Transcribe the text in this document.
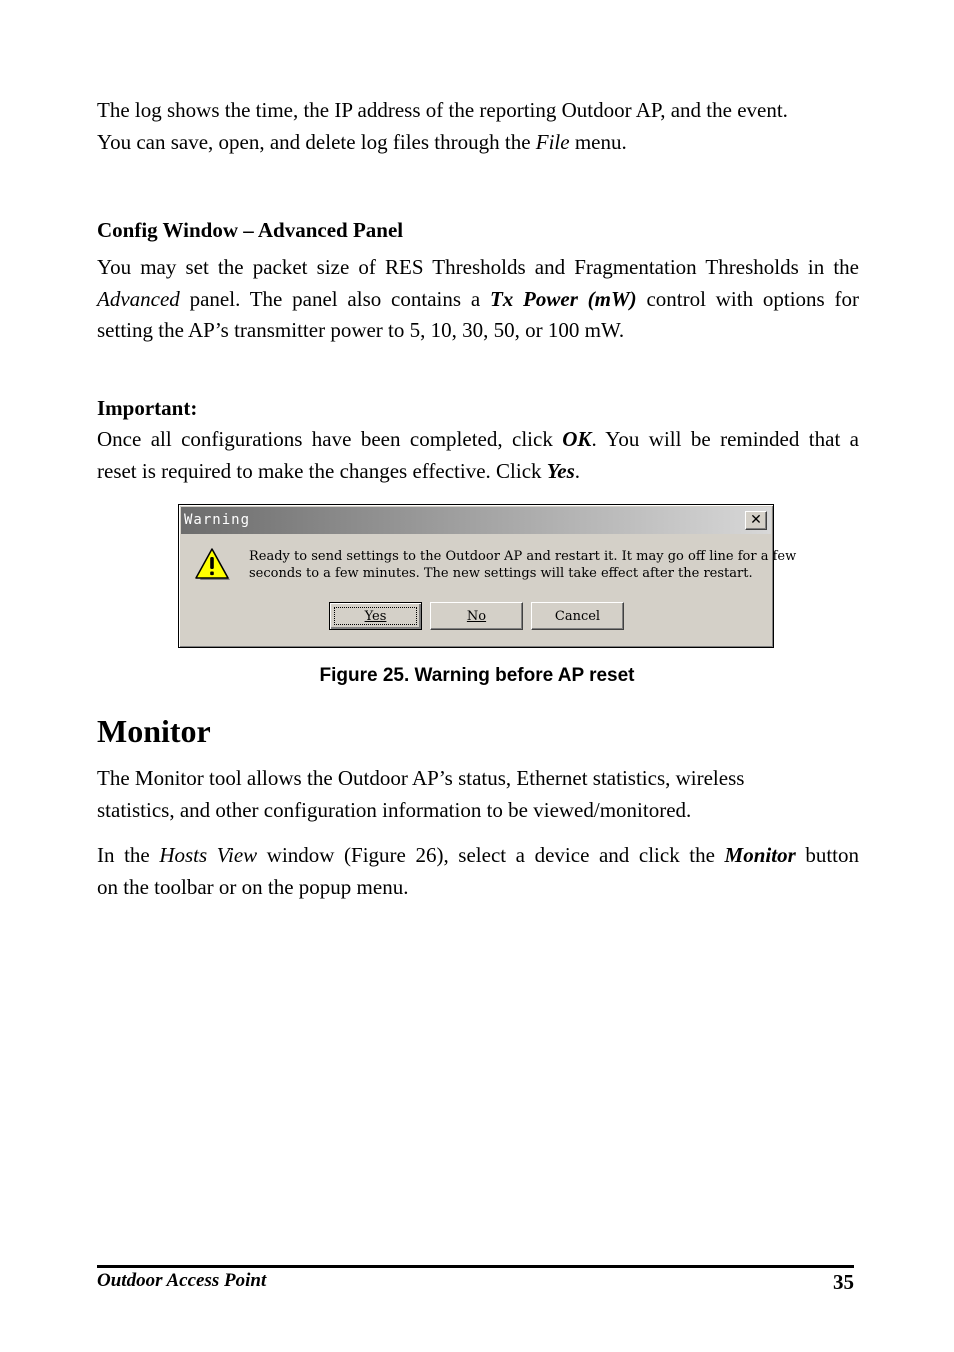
The log shows the time, the IP address of the reporting Outdoor AP, and the event.
You can save, open, and delete log files through the File menu.

Config Window – Advanced Panel

You may set the packet size of RES Thresholds and Fragmentation Thresholds in the
Advanced panel. The panel also contains a Tx Power (mW) control with options for
setting the AP’s transmitter power to 5, 10, 30, 50, or 100 mW.

Important:

Once all configurations have been completed, click OK. You will be reminded that a
reset is required to make the changes effective. Click Yes.

Warning	✕
Ready to send settings to the Outdoor AP and restart it. It may go off line for a few
seconds to a few minutes. The new settings will take effect after the restart.
Yes	No	Cancel

Figure 25. Warning before AP reset

Monitor

The Monitor tool allows the Outdoor AP’s status, Ethernet statistics, wireless
statistics, and other configuration information to be viewed/monitored.

In the Hosts View window (Figure 26), select a device and click the Monitor button
on the toolbar or on the popup menu.

Outdoor Access Point	35
